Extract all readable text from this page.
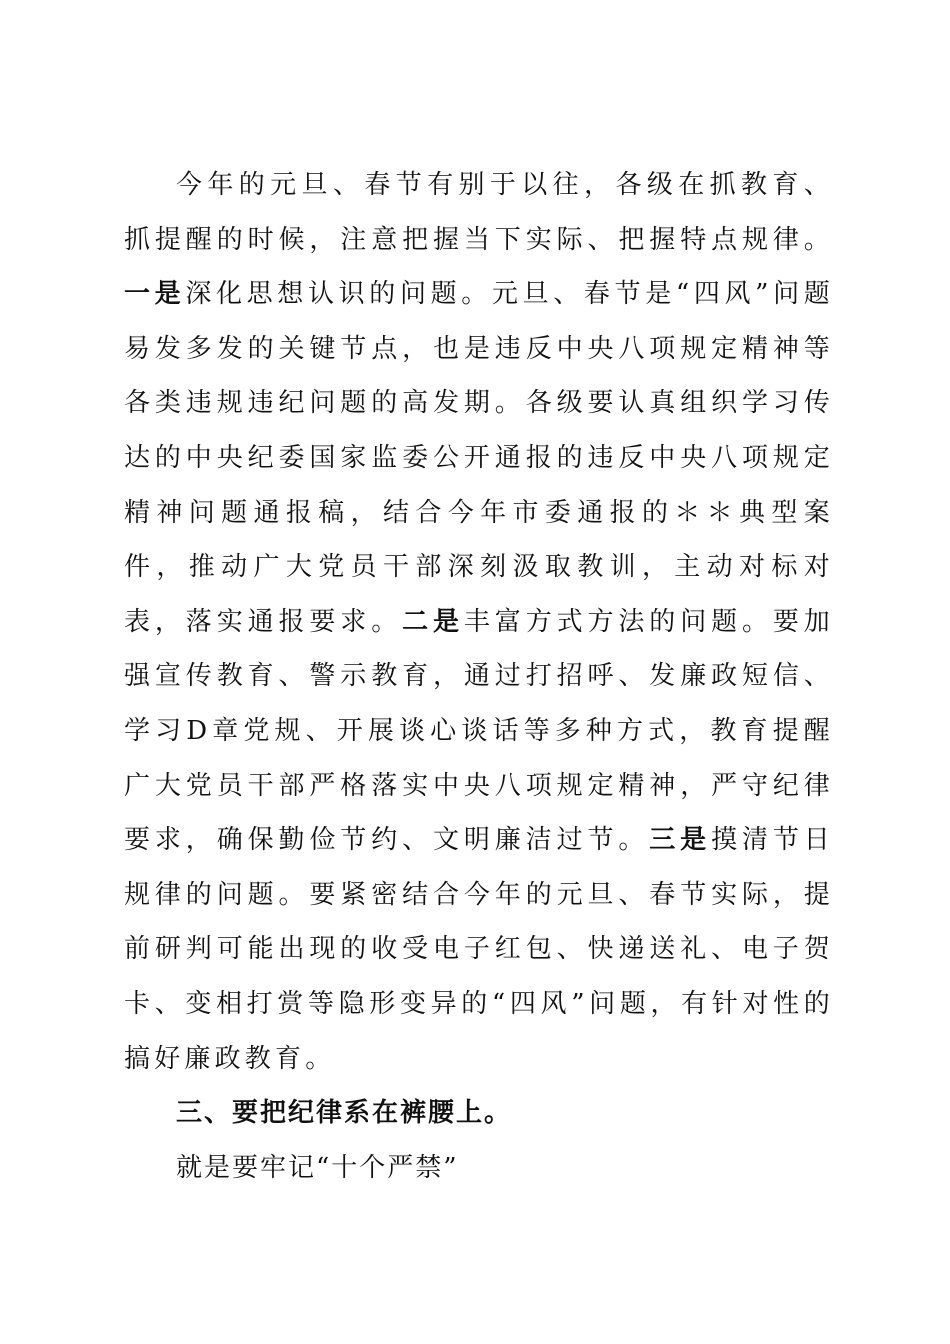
今年的元旦、春节有别于以往，各级在抓教育、抓提醒的时候，注意把握当下实际、把握特点规律。一是深化思想认识的问题。元旦、春节是“四风”问题易发多发的关键节点，也是违反中央八项规定精神等各类违规违纪问题的高发期。各级要认真组织学习传达的中央纪委国家监委公开通报的违反中央八项规定精神问题通报稿，结合今年市委通报的＊＊典型案件，推动广大党员干部深刻汲取教训，主动对标对表，落实通报要求。二是丰富方式方法的问题。要加强宣传教育、警示教育，通过打招呼、发廉政短信、学习D章党规、开展谈心谈话等多种方式，教育提醒广大党员干部严格落实中央八项规定精神，严守纪律要求，确保勤俭节约、文明廉洁过节。三是摸清节日规律的问题。要紧密结合今年的元旦、春节实际，提前研判可能出现的收受电子红包、快递送礼、电子贺卡、变相打赏等隐形变异的“四风”问题，有针对性的搞好廉政教育。

三、要把纪律系在裤腰上。

就是要牢记“十个严禁”
